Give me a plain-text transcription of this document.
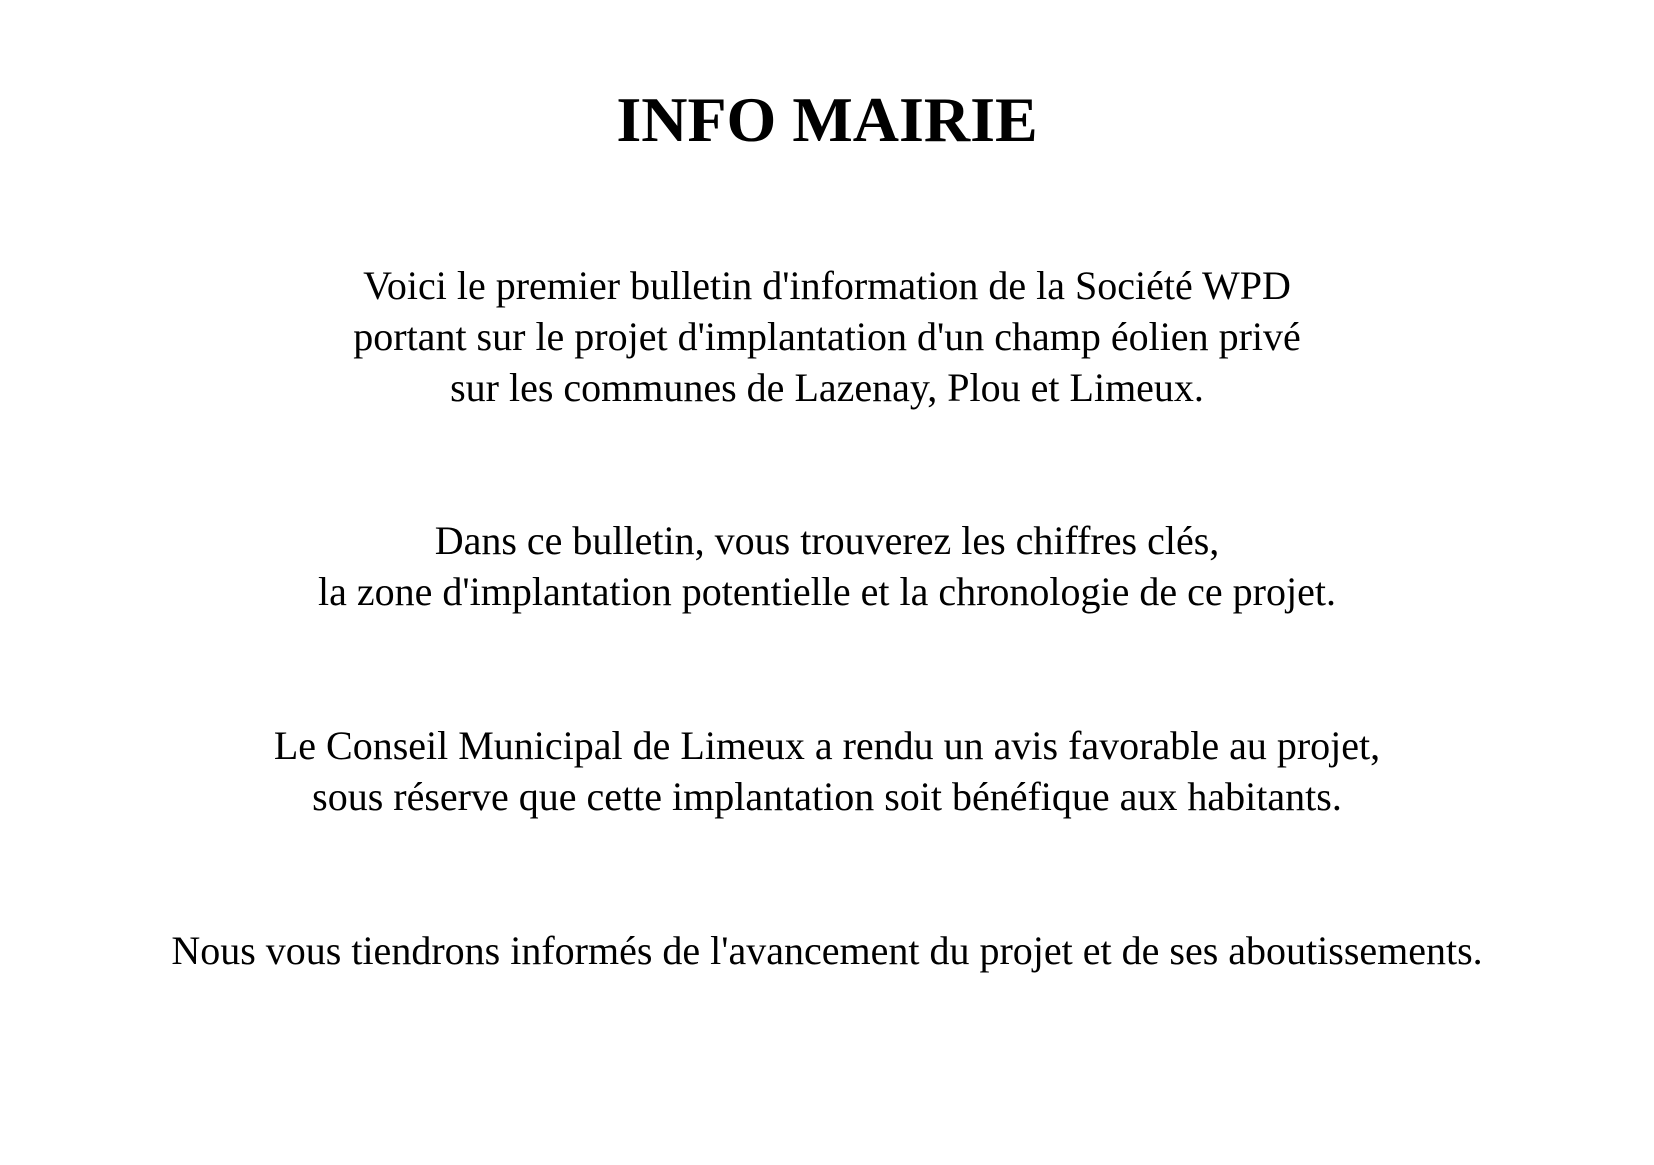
INFO MAIRIE

Voici le premier bulletin d'information de la Société WPD
portant sur le projet d'implantation d'un champ éolien privé
sur les communes de Lazenay, Plou et Limeux.

Dans ce bulletin, vous trouverez les chiffres clés,
la zone d'implantation potentielle et la chronologie de ce projet.

Le Conseil Municipal de Limeux a rendu un avis favorable au projet,
sous réserve que cette implantation soit bénéfique aux habitants.

Nous vous tiendrons informés de l'avancement du projet et de ses aboutissements.
